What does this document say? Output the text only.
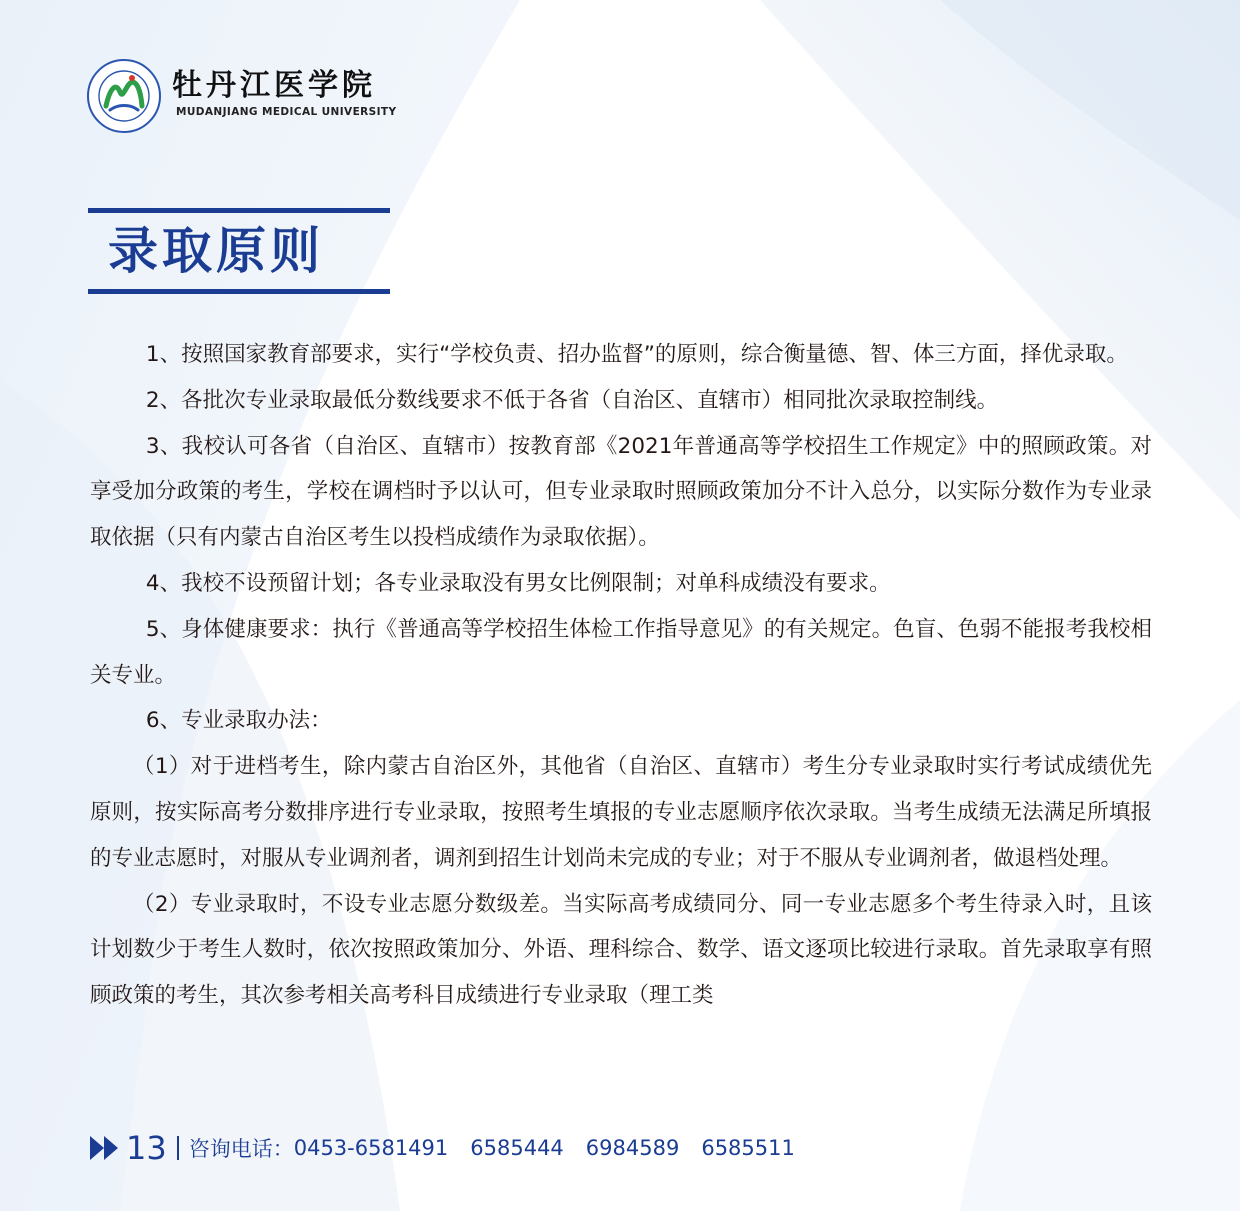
牡丹江医学院
MUDANJIANG MEDICAL UNIVERSITY
录取原则

1、按照国家教育部要求，实行“学校负责、招办监督”的原则，综合衡量德、智、体三方面，择优录取。

2、各批次专业录取最低分数线要求不低于各省（自治区、直辖市）相同批次录取控制线。

3、我校认可各省（自治区、直辖市）按教育部《2021年普通高等学校招生工作规定》中的照顾政策。对享受加分政策的考生，学校在调档时予以认可，但专业录取时照顾政策加分不计入总分，以实际分数作为专业录取依据（只有内蒙古自治区考生以投档成绩作为录取依据）。

4、我校不设预留计划；各专业录取没有男女比例限制；对单科成绩没有要求。

5、身体健康要求：执行《普通高等学校招生体检工作指导意见》的有关规定。色盲、色弱不能报考我校相关专业。

6、专业录取办法：

（1）对于进档考生，除内蒙古自治区外，其他省（自治区、直辖市）考生分专业录取时实行考试成绩优先原则，按实际高考分数排序进行专业录取，按照考生填报的专业志愿顺序依次录取。当考生成绩无法满足所填报的专业志愿时，对服从专业调剂者，调剂到招生计划尚未完成的专业；对于不服从专业调剂者，做退档处理。

（2）专业录取时，不设专业志愿分数级差。当实际高考成绩同分、同一专业志愿多个考生待录入时，且该计划数少于考生人数时，依次按照政策加分、外语、理科综合、数学、语文逐项比较进行录取。首先录取享有照顾政策的考生，其次参考相关高考科目成绩进行专业录取（理工类

13 咨询电话： 0453-6581491 6585444 6984589 6585511
